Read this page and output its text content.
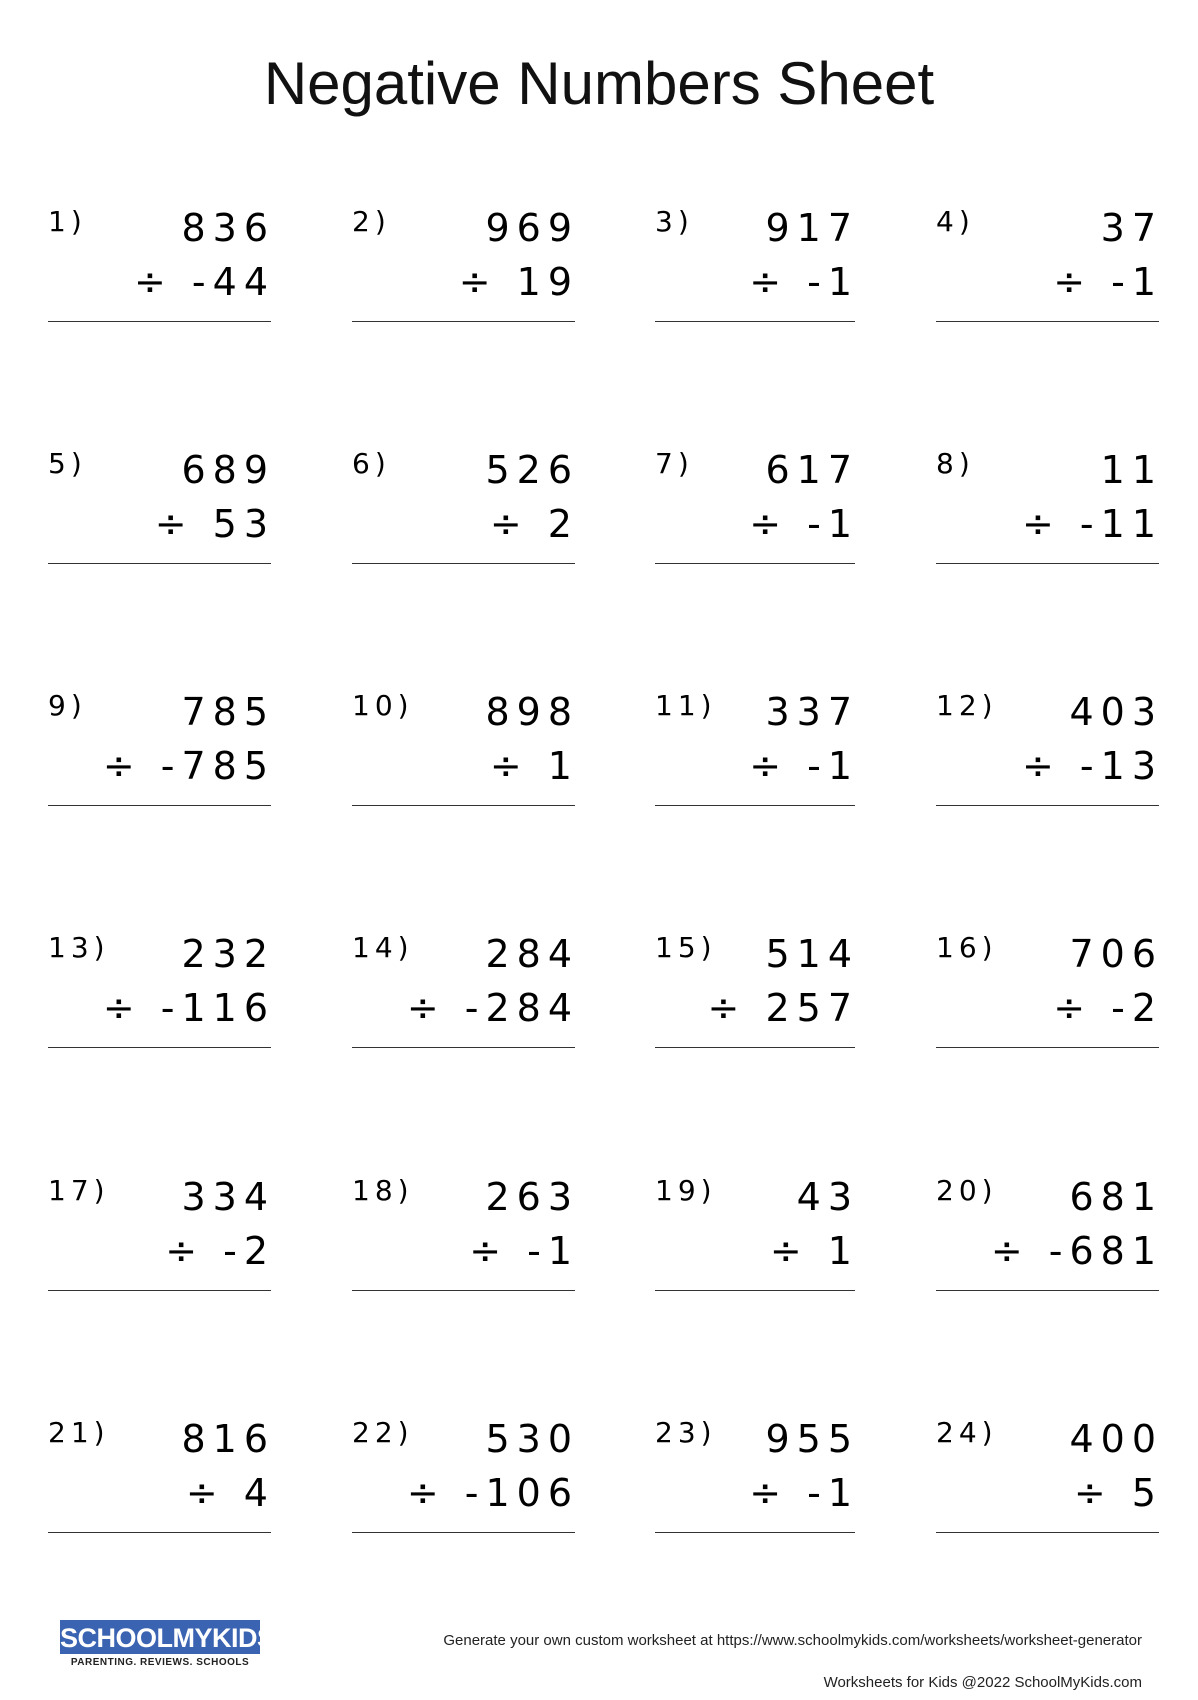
Negative Numbers Sheet
1) 836
÷ -44
2) 969
÷ 19
3) 917
÷ -1
4)	37
÷ -1
5) 689
÷ 53
6) 526
÷ 2
7) 617
÷ -1
8)	11
÷ -11
9) 785
÷ -785
10) 898
÷ 1
11) 337
÷ -1
12) 403
÷ -13
13) 232
÷ -116
14) 284
÷ -284
15) 514
÷ 257
16) 706
÷ -2
17) 334
÷ -2
18) 263
÷ -1
19) 43
÷ 1
20) 681
÷ -681
21) 816
÷ 4
22) 530
÷ -106
23) 955
÷ -1
24) 400
÷ 5
SCHOOLMYKIDS
PARENTING. REVIEWS. SCHOOLS
Generate your own custom worksheet at https://www.schoolmykids.com/worksheets/worksheet-generator
Worksheets for Kids @2022 SchoolMyKids.com
